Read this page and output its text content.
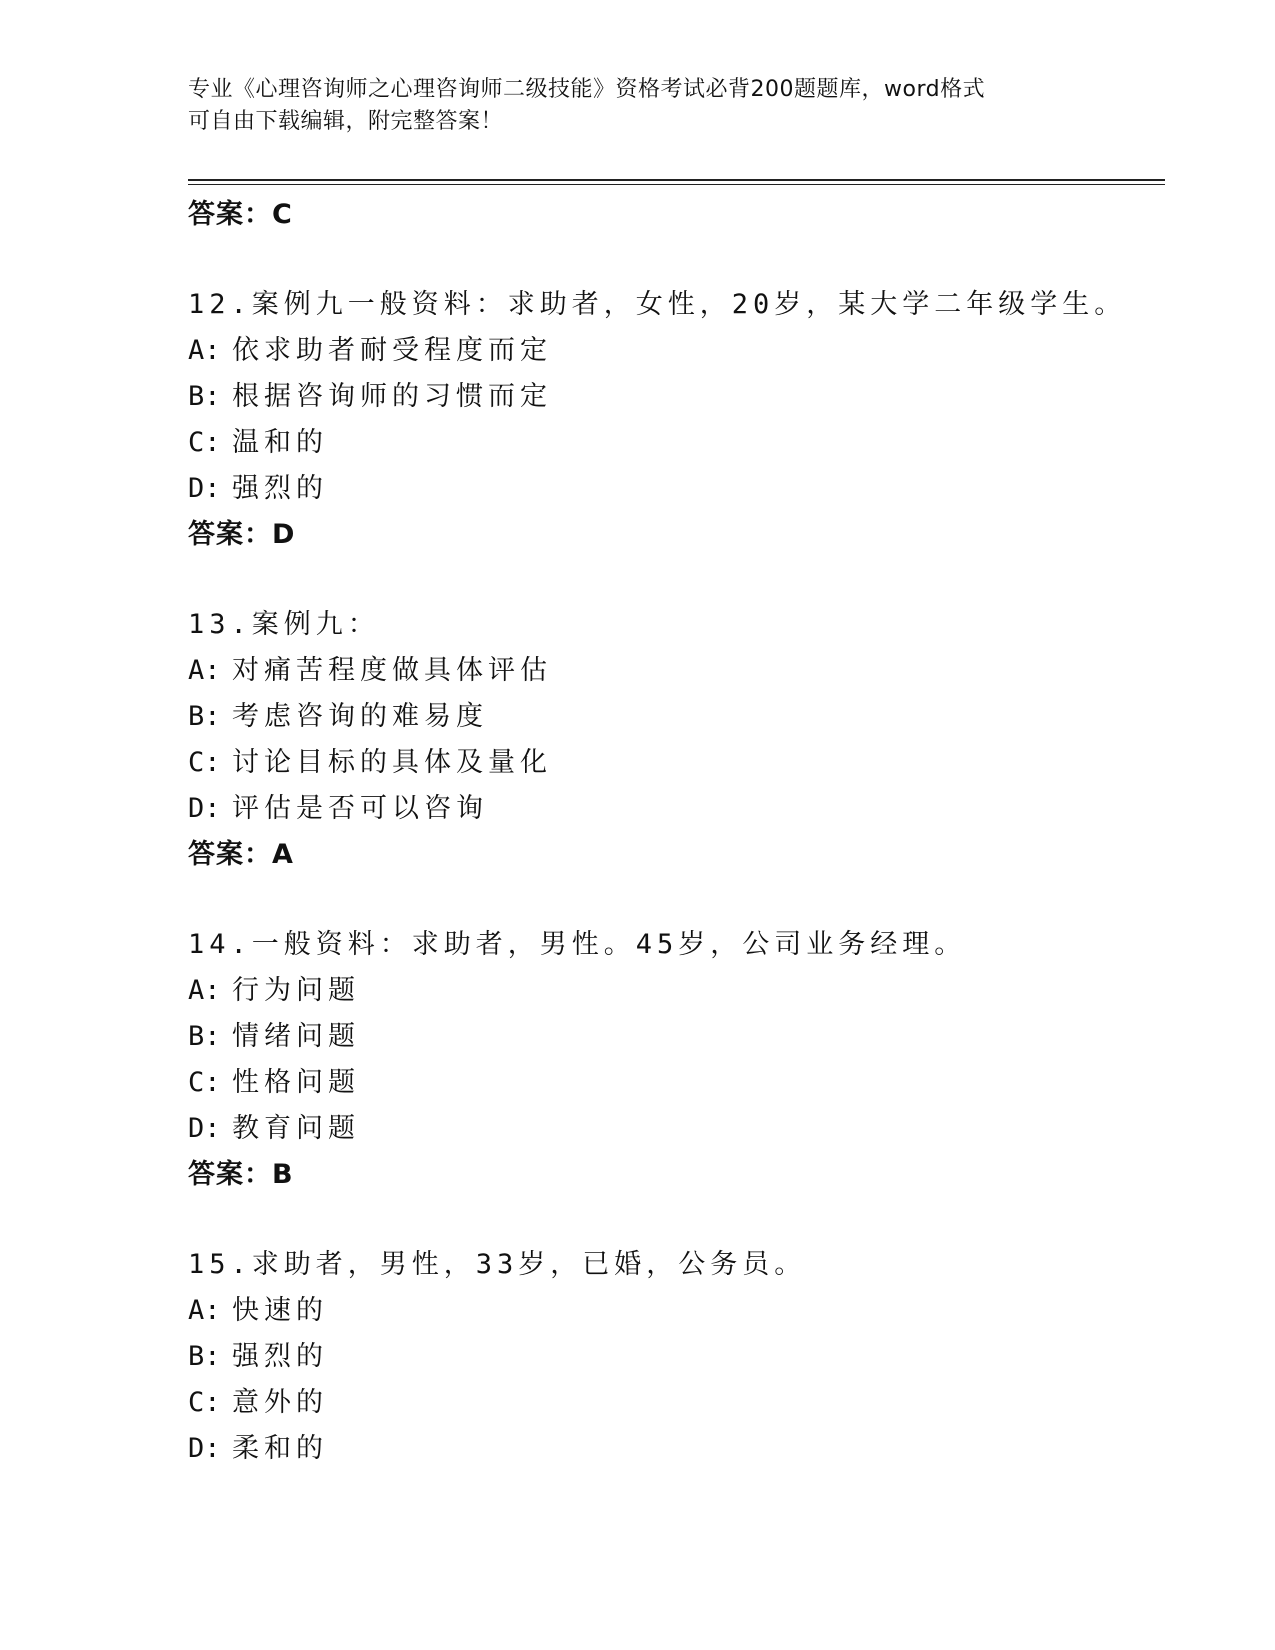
专业《心理咨询师之心理咨询师二级技能》资格考试必背200题题库，word格式
可自由下载编辑，附完整答案！
答案：C
12.案例九一般资料：求助者，女性，20岁，某大学二年级学生。
A: 依求助者耐受程度而定
B: 根据咨询师的习惯而定
C: 温和的
D: 强烈的
答案：D
13.案例九：
A: 对痛苦程度做具体评估
B: 考虑咨询的难易度
C: 讨论目标的具体及量化
D: 评估是否可以咨询
答案：A
14.一般资料：求助者，男性。45岁，公司业务经理。
A: 行为问题
B: 情绪问题
C: 性格问题
D: 教育问题
答案：B
15.求助者，男性，33岁，已婚，公务员。
A: 快速的
B: 强烈的
C: 意外的
D: 柔和的
